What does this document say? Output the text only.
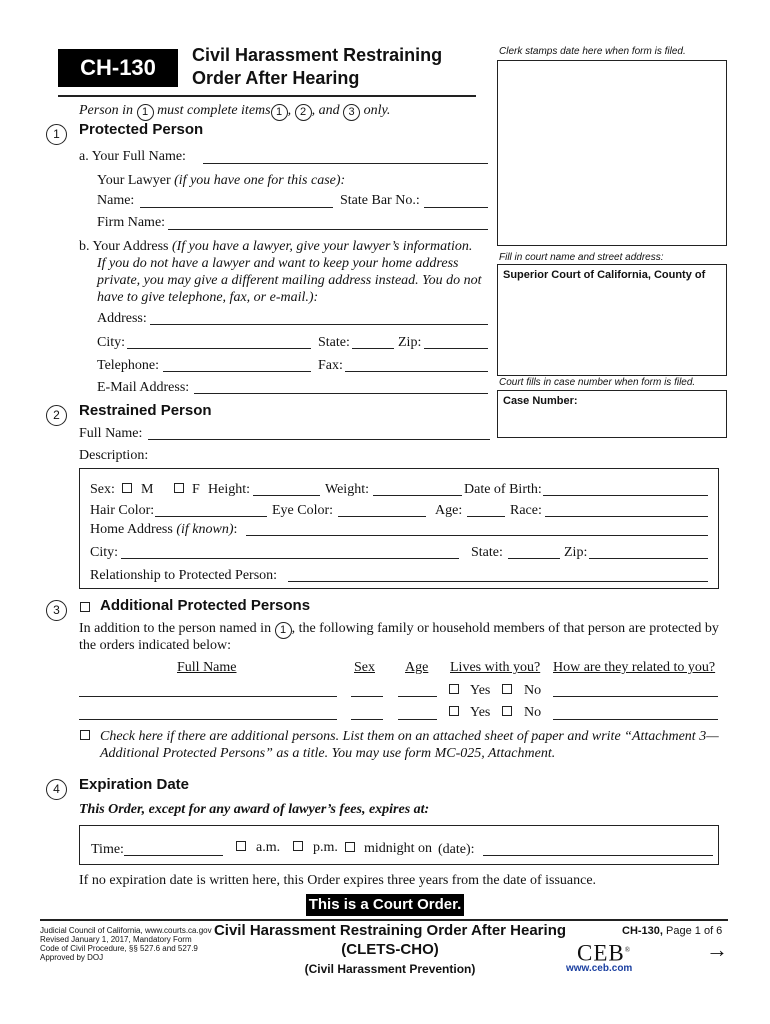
CH-130	Civil Harassment Restraining
Order After Hearing
Clerk stamps date here when form is filed.
Person in 1 must complete items 1 , 2 , and 3 only.
Fill in court name and street address:
Superior Court of California, County of
Court fills in case number when form is filed.
Case Number:
1	Protected Person
a. Your Full Name:
Your Lawyer (if you have one for this case):
Name:	State Bar No.:
Firm Name:
b. Your Address (If you have a lawyer, give your lawyer’s information.
If you do not have a lawyer and want to keep your home address
private, you may give a different mailing address instead. You do not
have to give telephone, fax, or e-mail.):
Address:
City:	State:	Zip:
Telephone:	Fax:
E-Mail Address:
2	Restrained Person
Full Name:
Description:
Sex: M	F Height:	Weight:	Date of Birth:
Hair Color:	Eye Color:	Age:	Race:
Home Address (if known):
City:	State:	Zip:
Relationship to Protected Person:
3	Additional Protected Persons
In addition to the person named in 1 , the following family or household members of that person are protected by
the orders indicated below:
Full Name	Sex Age Lives with you? How are they related to you?
Yes No
Yes No
Check here if there are additional persons. List them on an attached sheet of paper and write “Attachment 3—
Additional Protected Persons” as a title. You may use form MC-025, Attachment.
4	Expiration Date
This Order, except for any award of lawyer’s fees, expires at:
Time:	a.m. p.m. midnight on (date):
If no expiration date is written here, this Order expires three years from the date of issuance.
This is a Court Order.
Judicial Council of California, www.courts.ca.gov
Revised January 1, 2017, Mandatory Form
Code of Civil Procedure, §§ 527.6 and 527.9
Approved by DOJ
Civil Harassment Restraining Order After Hearing
(CLETS-CHO)
(Civil Harassment Prevention)
CH-130, Page 1 of 6
CEB®
www.ceb.com
→
